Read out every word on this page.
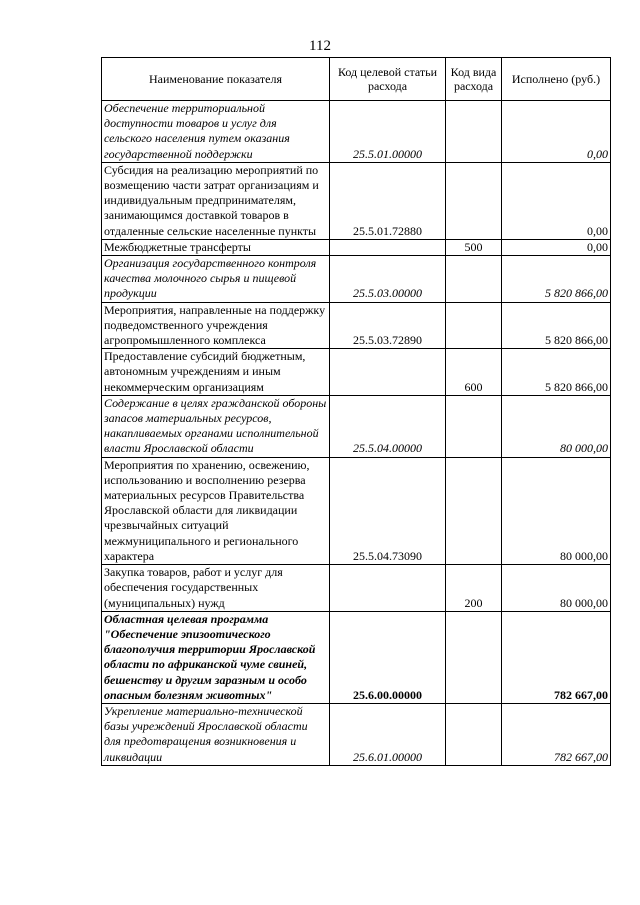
112
Наименование показателя	Код целевой статьи расхода	Код вида расхода	Исполнено (руб.)
Обеспечение территориальной доступности товаров и услуг для сельского населения путем оказания государственной поддержки	25.5.01.00000		0,00
Субсидия на реализацию мероприятий по возмещению части затрат организациям и индивидуальным предпринимателям, занимающимся доставкой товаров в отдаленные сельские населенные пункты	25.5.01.72880		0,00
Межбюджетные трансферты		500	0,00
Организация государственного контроля качества молочного сырья и пищевой продукции	25.5.03.00000		5 820 866,00
Мероприятия, направленные на поддержку подведомственного учреждения агропромышленного комплекса	25.5.03.72890		5 820 866,00
Предоставление субсидий бюджетным, автономным учреждениям и иным некоммерческим организациям		600	5 820 866,00
Содержание в целях гражданской обороны запасов материальных ресурсов, накапливаемых органами исполнительной власти Ярославской области	25.5.04.00000		80 000,00
Мероприятия по хранению, освежению, использованию и восполнению резерва материальных ресурсов Правительства Ярославской области для ликвидации чрезвычайных ситуаций межмуниципального и регионального характера	25.5.04.73090		80 000,00
Закупка товаров, работ и услуг для обеспечения государственных (муниципальных) нужд		200	80 000,00
Областная целевая программа "Обеспечение эпизоотического благополучия территории Ярославской области по африканской чуме свиней, бешенству и другим заразным и особо опасным болезням животных"	25.6.00.00000		782 667,00
Укрепление материально-технической базы учреждений Ярославской области для предотвращения возникновения и ликвидации	25.6.01.00000		782 667,00
